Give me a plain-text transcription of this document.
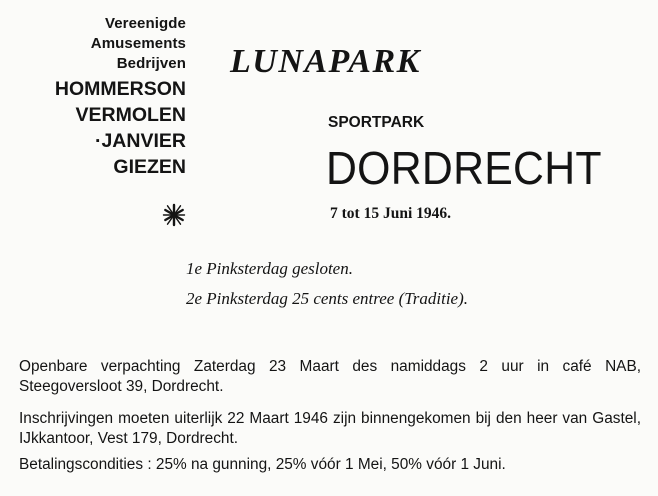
Vereenigde
Amusements
Bedrijven
HOMMERSON
VERMOLEN
·JANVIER
GIEZEN
LUNAPARK
SPORTPARK
DORDRECHT
7 tot 15 Juni 1946.
1e Pinksterdag gesloten.
2e Pinksterdag 25 cents entree (Traditie).
Openbare verpachting Zaterdag 23 Maart des namiddags 2 uur in café NAB, Steegoversloot 39, Dordrecht.
Inschrijvingen moeten uiterlijk 22 Maart 1946 zijn binnengekomen bij den heer van Gastel, IJkkantoor, Vest 179, Dordrecht.
Betalingscondities : 25% na gunning, 25% vóór 1 Mei, 50% vóór 1 Juni.
